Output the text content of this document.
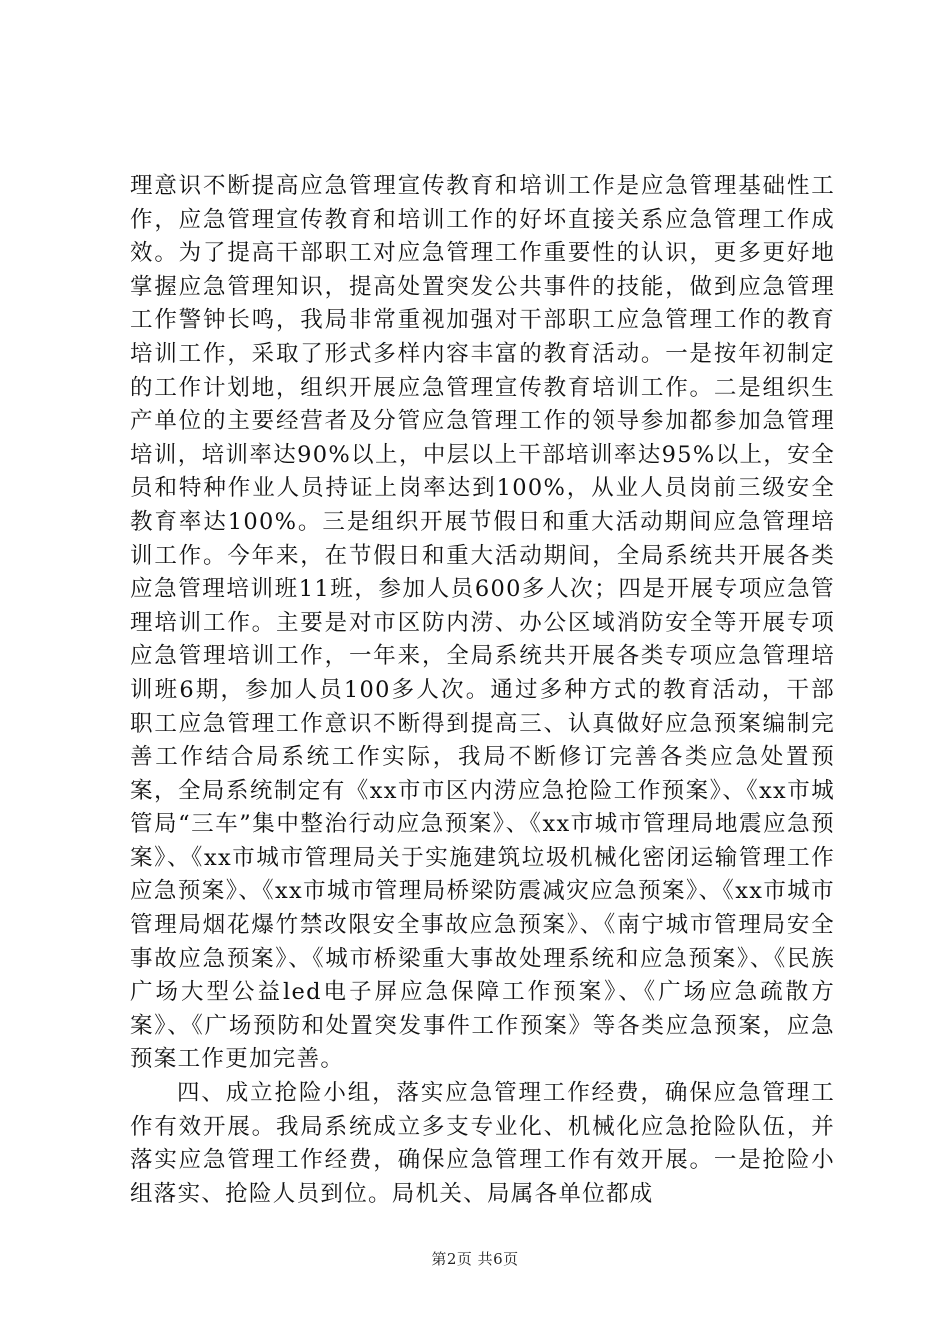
理意识不断提高应急管理宣传教育和培训工作是应急管理基础性工作，应急管理宣传教育和培训工作的好坏直接关系应急管理工作成效。为了提高干部职工对应急管理工作重要性的认识，更多更好地掌握应急管理知识，提高处置突发公共事件的技能，做到应急管理工作警钟长鸣，我局非常重视加强对干部职工应急管理工作的教育培训工作，采取了形式多样内容丰富的教育活动。一是按年初制定的工作计划地，组织开展应急管理宣传教育培训工作。二是组织生产单位的主要经营者及分管应急管理工作的领导参加都参加急管理培训，培训率达90%以上，中层以上干部培训率达95%以上，安全员和特种作业人员持证上岗率达到100%，从业人员岗前三级安全教育率达100%。三是组织开展节假日和重大活动期间应急管理培训工作。今年来，在节假日和重大活动期间，全局系统共开展各类应急管理培训班11班，参加人员600多人次；四是开展专项应急管理培训工作。主要是对市区防内涝、办公区域消防安全等开展专项应急管理培训工作，一年来，全局系统共开展各类专项应急管理培训班6期，参加人员100多人次。通过多种方式的教育活动，干部职工应急管理工作意识不断得到提高三、认真做好应急预案编制完善工作结合局系统工作实际，我局不断修订完善各类应急处置预案，全局系统制定有《xx市市区内涝应急抢险工作预案》、《xx市城管局“三车”集中整治行动应急预案》、《xx市城市管理局地震应急预案》、《xx市城市管理局关于实施建筑垃圾机械化密闭运输管理工作应急预案》、《xx市城市管理局桥梁防震减灾应急预案》、《xx市城市管理局烟花爆竹禁改限安全事故应急预案》、《南宁城市管理局安全事故应急预案》、《城市桥梁重大事故处理系统和应急预案》、《民族广场大型公益led电子屏应急保障工作预案》、《广场应急疏散方案》、《广场预防和处置突发事件工作预案》等各类应急预案，应急预案工作更加完善。

四、成立抢险小组，落实应急管理工作经费，确保应急管理工作有效开展。我局系统成立多支专业化、机械化应急抢险队伍，并落实应急管理工作经费，确保应急管理工作有效开展。一是抢险小组落实、抢险人员到位。局机关、局属各单位都成

第2页 共6页
